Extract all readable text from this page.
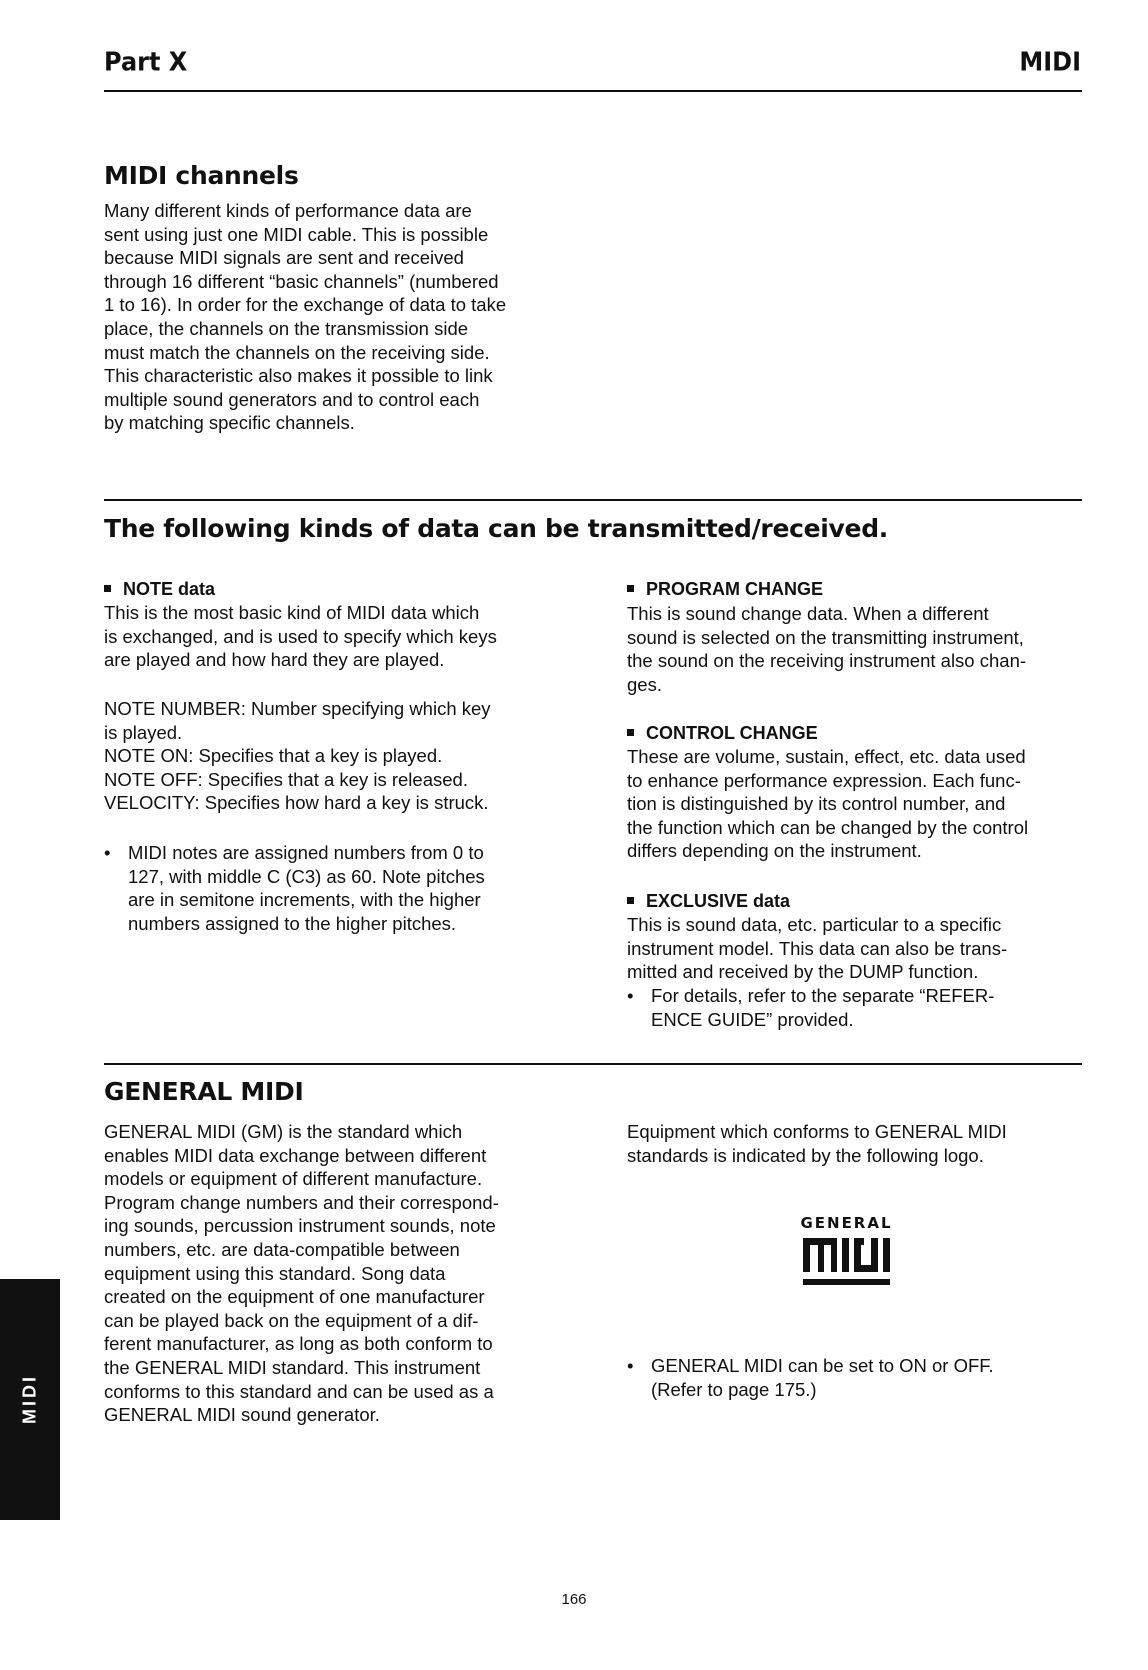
Part X	MIDI
MIDI channels

Many different kinds of performance data are

sent using just one MIDI cable. This is possible

because MIDI signals are sent and received

through 16 different “basic channels” (numbered

1 to 16). In order for the exchange of data to take

place, the channels on the transmission side

must match the channels on the receiving side.

This characteristic also makes it possible to link

multiple sound generators and to control each

by matching specific channels.

The following kinds of data can be transmitted/received.
NOTE data

This is the most basic kind of MIDI data which

is exchanged, and is used to specify which keys

are played and how hard they are played.

NOTE NUMBER: Number specifying which key

is played.

NOTE ON: Specifies that a key is played.

NOTE OFF: Specifies that a key is released.

VELOCITY: Specifies how hard a key is struck.

• MIDI notes are assigned numbers from 0 to
127, with middle C (C3) as 60. Note pitches
are in semitone increments, with the higher
numbers assigned to the higher pitches.
PROGRAM CHANGE

This is sound change data. When a different

sound is selected on the transmitting instrument,

the sound on the receiving instrument also chan-

ges.

CONTROL CHANGE

These are volume, sustain, effect, etc. data used

to enhance performance expression. Each func-

tion is distinguished by its control number, and

the function which can be changed by the control

differs depending on the instrument.

EXCLUSIVE data

This is sound data, etc. particular to a specific

instrument model. This data can also be trans-

mitted and received by the DUMP function.

• For details, refer to the separate “REFER-
ENCE GUIDE” provided.
GENERAL MIDI

GENERAL MIDI (GM) is the standard which

enables MIDI data exchange between different

models or equipment of different manufacture.

Program change numbers and their correspond-

ing sounds, percussion instrument sounds, note

numbers, etc. are data-compatible between

equipment using this standard. Song data

created on the equipment of one manufacturer

can be played back on the equipment of a dif-

ferent manufacturer, as long as both conform to

the GENERAL MIDI standard. This instrument

conforms to this standard and can be used as a

GENERAL MIDI sound generator.

Equipment which conforms to GENERAL MIDI

standards is indicated by the following logo.

GENERAL
• GENERAL MIDI can be set to ON or OFF.
(Refer to page 175.)
MIDI
166
